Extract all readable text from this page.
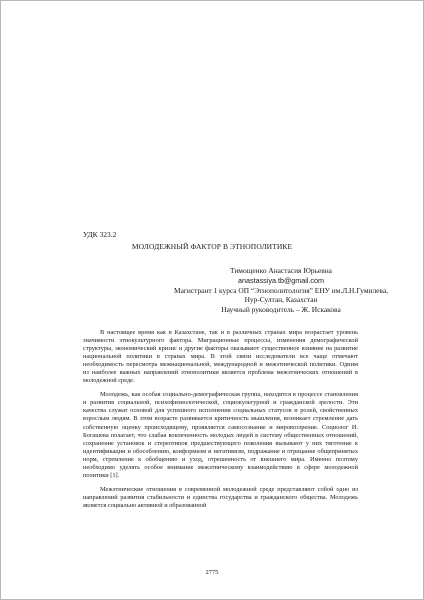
УДК 323.2
МОЛОДЕЖНЫЙ ФАКТОР В ЭТНОПОЛИТИКЕ
Тимощенко Анастасия Юрьевна
anastassiya.tb@gmail.com
Магистрант 1 курса ОП “Этнополитология” ЕНУ им.Л.Н.Гумилева,
Нур-Султан, Казахстан
Научный руководитель – Ж. Искакова

В настоящее время как в Казахстане, так и в различных странах мира возрастает уровень значимости этнокультурного фактора. Миграционные процессы, изменения демографической структуры, экономический кризис и другие факторы оказывают существенное влияние на развитие национальной политики в странах мира. В этой связи исследователи все чаще отмечают необходимость пересмотра межнациональной, международной и межэтнической политики. Одним из наиболее важных направлений этнополитики является проблема межэтнических отношений в молодежной среде.

Молодежь, как особая социально-демографическая группа, находится в процессе становления и развития социальной, психофизиологической, социокультурной и гражданской зрелости. Эти качества служат основой для успешного исполнения социальных статусов и ролей, свойственных взрослым людям. В этом возрасте развивается критичность мышления, возникает стремление дать собственную оценку происходящему, проявляется самосознание и мировоззрение. Социолог И. Богашева полагает, что слабая вовлеченность молодых людей в систему общественных отношений, сохранение установок и стереотипов предшествующего поколения вызывают у них тяготение к идентификации и обособлению, конформизм и негативизм, подражание и отрицание общепринятых норм, стремление к обобщению и уход, отрешенность от внешнего мира. Именно поэтому необходимо уделять особое внимание межэтническому взаимодействию в сфере молодежной политики [1].

Межэтнические отношения в современной молодежной среде представляют собой одно из направлений развития стабильности и единства государства и гражданского общества. Молодежь является социально активной и образованной

2775
